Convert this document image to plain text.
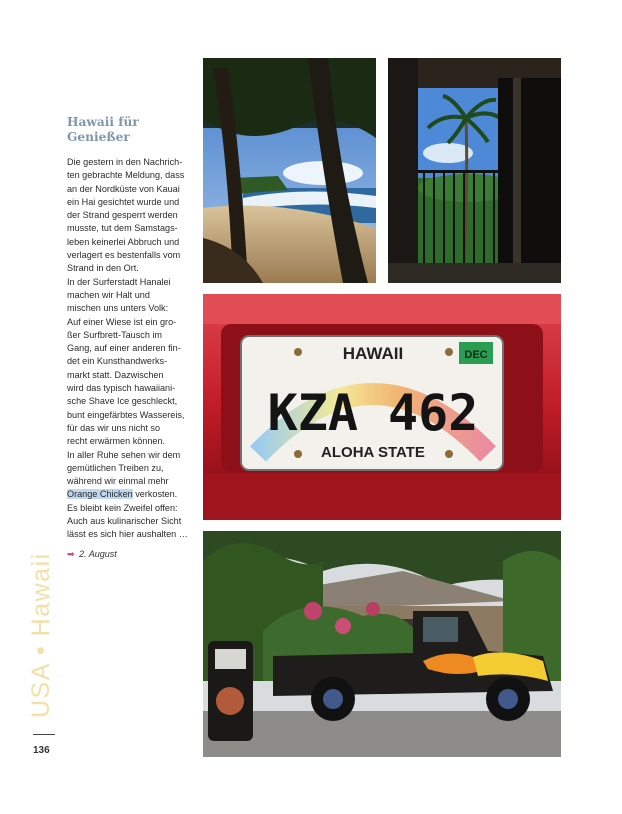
Hawaii für
Genießer
Die gestern in den Nachrich-
ten gebrachte Meldung, dass
an der Nordküste von Kauai
ein Hai gesichtet wurde und
der Strand gesperrt werden
musste, tut dem Samstags-
leben keinerlei Abbruch und
verlagert es bestenfalls vom
Strand in den Ort.
In der Surferstadt Hanalei
machen wir Halt und
mischen uns unters Volk:
Auf einer Wiese ist ein gro-
ßer Surfbrett-Tausch im
Gang, auf einer anderen fin-
det ein Kunsthandwerks-
markt statt. Dazwischen
wird das typisch hawaiiani-
sche Shave Ice geschleckt,
bunt eingefärbtes Wassereis,
für das wir uns nicht so
recht erwärmen können.
In aller Ruhe sehen wir dem
gemütlichen Treiben zu,
während wir einmal mehr
Orange Chicken verkosten.
Es bleibt kein Zweifel offen:
Auch aus kulinarischer Sicht
lässt es sich hier aushalten …
➡ 2. August
USA • Hawaii
136
HAWAII	DEC
KZA 462
ALOHA STATE
